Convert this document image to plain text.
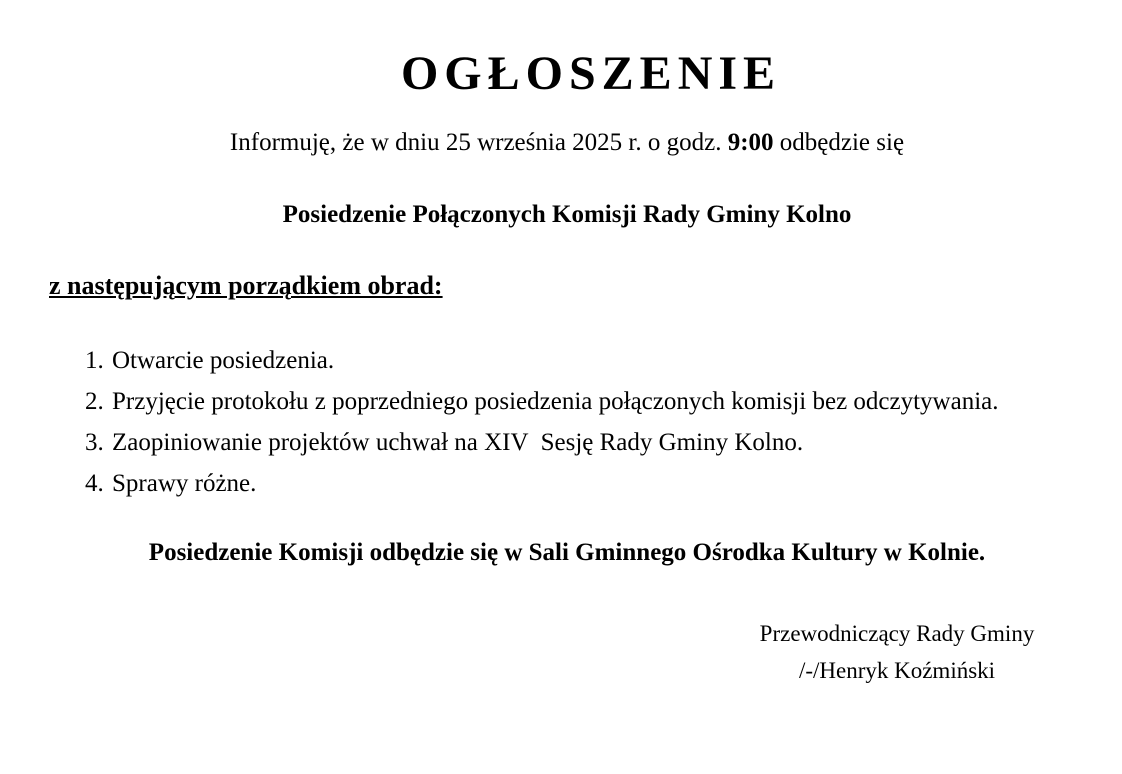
OGŁOSZENIE

Informuję, że w dniu 25 września 2025 r. o godz. 9:00 odbędzie się

Posiedzenie Połączonych Komisji Rady Gminy Kolno

z następującym porządkiem obrad:

1. Otwarcie posiedzenia.
2. Przyjęcie protokołu z poprzedniego posiedzenia połączonych komisji bez odczytywania.
3. Zaopiniowanie projektów uchwał na XIV  Sesję Rady Gminy Kolno.
4. Sprawy różne.

Posiedzenie Komisji odbędzie się w Sali Gminnego Ośrodka Kultury w Kolnie.

Przewodniczący Rady Gminy

/-/Henryk Koźmiński
